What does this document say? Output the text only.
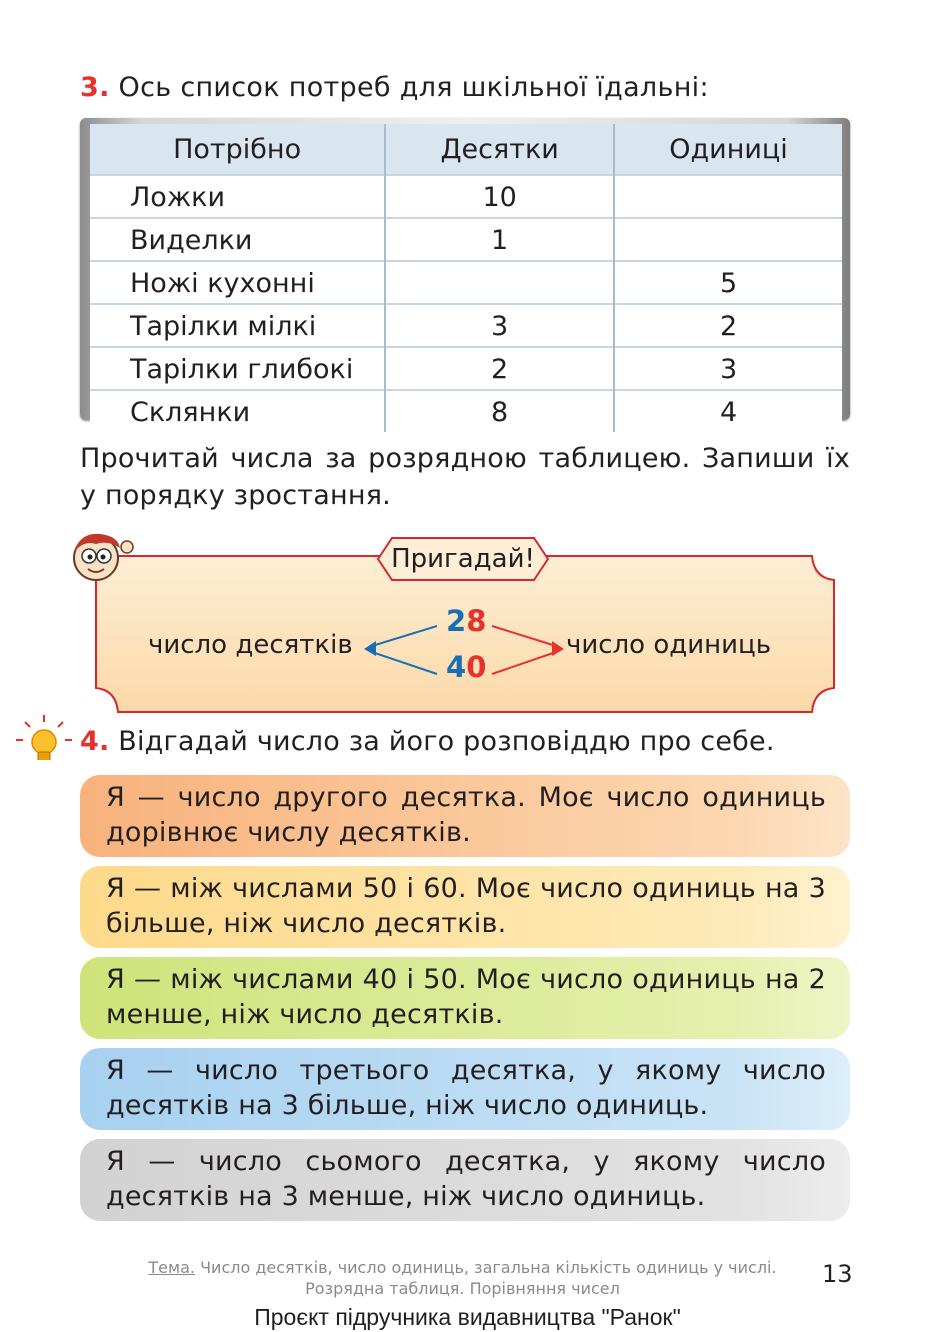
3. Ось список потреб для шкільної їдальні:
Потрібно	Десятки	Одиниці
Ложки	10	
Виделки	1	
Ножі кухонні		5
Тарілки мілкі	3	2
Тарілки глибокі	2	3
Склянки	8	4
Прочитай числа за розрядною таблицею. Запиши їх у порядку зростання.
Пригадай!
число десятків	число одиниць
28
40
4. Відгадай число за його розповіддю про себе.

Я — число другого десятка. Моє число одиниць дорівнює числу десятків.

Я — між числами 50 і 60. Моє число одиниць на 3 більше, ніж число десятків.

Я — між числами 40 і 50. Моє число одиниць на 2 менше, ніж число десятків.

Я — число третього десятка, у якому число десятків на 3 більше, ніж число одиниць.

Я — число сьомого десятка, у якому число десятків на 3 менше, ніж число одиниць.

Тема. Число десятків, число одиниць, загальна кількість одиниць у числі. Розрядна таблиця. Порівняння чисел
13
Проєкт підручника видавництва "Ранок"
